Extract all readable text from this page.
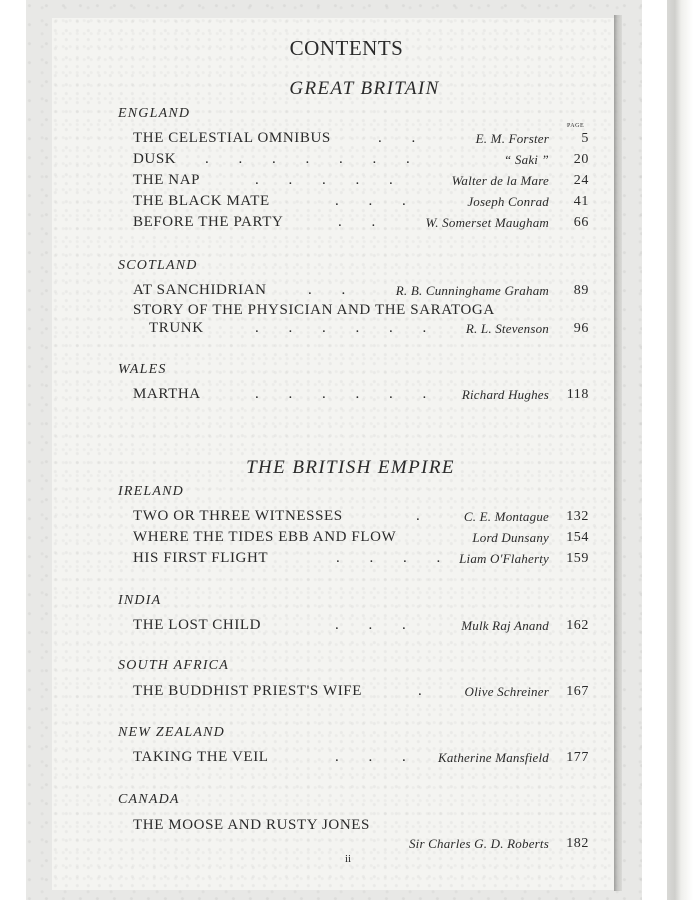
CONTENTS
PAGE
GREAT BRITAIN
ENGLAND
THE CELESTIAL OMNIBUS	. .	E. M. Forster	5
DUSK . . . . . . .	“ Saki ”	20
THE NAP	. . . . .	Walter de la Mare	24
THE BLACK MATE	. . .	Joseph Conrad	41
BEFORE THE PARTY	. .	W. Somerset Maugham	66
SCOTLAND
AT SANCHIDRIAN	. .	R. B. Cunninghame Graham	89
STORY OF THE PHYSICIAN AND THE SARATOGA
TRUNK	. . . . . . R. L. Stevenson	96
WALES
MARTHA	. . . . . . Richard Hughes	118
THE BRITISH EMPIRE
IRELAND
TWO OR THREE WITNESSES	. C. E. Montague	132
WHERE THE TIDES EBB AND FLOW	Lord Dunsany	154
HIS FIRST FLIGHT	. . . . Liam O'Flaherty	159
INDIA
THE LOST CHILD	. . .	Mulk Raj Anand	162
SOUTH AFRICA
THE BUDDHIST PRIEST'S WIFE	. Olive Schreiner	167
NEW ZEALAND
TAKING THE VEIL	. . . Katherine Mansfield	177
CANADA
THE MOOSE AND RUSTY JONES
Sir Charles G. D. Roberts	182
ii
